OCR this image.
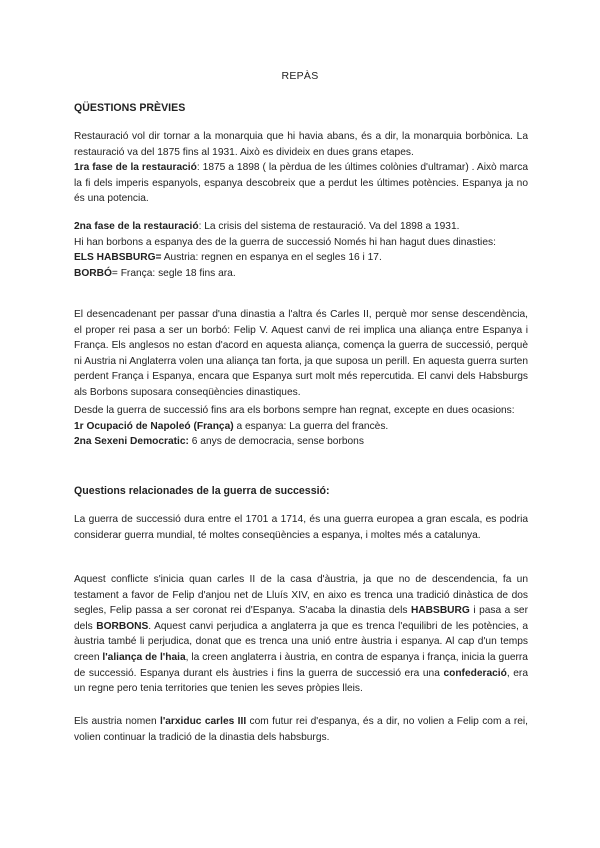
REPÀS
QÜESTIONS PRÈVIES
Restauració vol dir tornar a la monarquia que hi havia abans, és a dir, la monarquia borbònica. La restauració va del 1875 fins al 1931. Això es divideix en dues grans etapes.
1ra fase de la restauració: 1875 a 1898 ( la pèrdua de les últimes colònies d'ultramar) . Això marca la fi dels imperis espanyols, espanya descobreix que a perdut les últimes potències. Espanya ja no és una potencia.
2na fase de la restauració: La crisis del sistema de restauració. Va del 1898 a 1931.
Hi han borbons a espanya des de la guerra de successió Només hi han hagut dues dinasties:
ELS HABSBURG= Austria: regnen en espanya en el segles 16 i 17.
BORBÓ= França: segle 18 fins ara.
El desencadenant per passar d'una dinastia a l'altra és Carles II, perquè mor sense descendència, el proper rei pasa a ser un borbó: Felip V. Aquest canvi de rei implica una aliança entre Espanya i França. Els anglesos no estan d'acord en aquesta aliança, comença la guerra de successió, perquè ni Austria ni Anglaterra volen una aliança tan forta, ja que suposa un perill. En aquesta guerra surten perdent França i Espanya, encara que Espanya surt molt més repercutida. El canvi dels Habsburgs als Borbons suposara conseqüències dinastiques.
Desde la guerra de successió fins ara els borbons sempre han regnat, excepte en dues ocasions:
1r Ocupació de Napoleó (França) a espanya: La guerra del francès.
2na Sexeni Democratic: 6 anys de democracia, sense borbons
Questions relacionades de la guerra de successió:
La guerra de successió dura entre el 1701 a 1714, és una guerra europea a gran escala, es podria considerar guerra mundial, té moltes conseqüències a espanya, i moltes més a catalunya.
Aquest conflicte s'inicia quan carles II de la casa d'àustria, ja que no de descendencia, fa un testament a favor de Felip d'anjou net de Lluís XIV, en aixo es trenca una tradició dinàstica de dos segles, Felip passa a ser coronat rei d'Espanya. S'acaba la dinastia dels HABSBURG i pasa a ser dels BORBONS. Aquest canvi perjudica a anglaterra ja que es trenca l'equilibri de les potències, a àustria també li perjudica, donat que es trenca una unió entre àustria i espanya. Al cap d'un temps creen l'aliança de l'haia, la creen anglaterra i àustria, en contra de espanya i frança, inicia la guerra de successió. Espanya durant els àustries i fins la guerra de successió era una confederació, era un regne pero tenia territories que tenien les seves pròpies lleis.
Els austria nomen l'arxiduc carles III com futur rei d'espanya, és a dir, no volien a Felip com a rei, volien continuar la tradició de la dinastia dels habsburgs.
